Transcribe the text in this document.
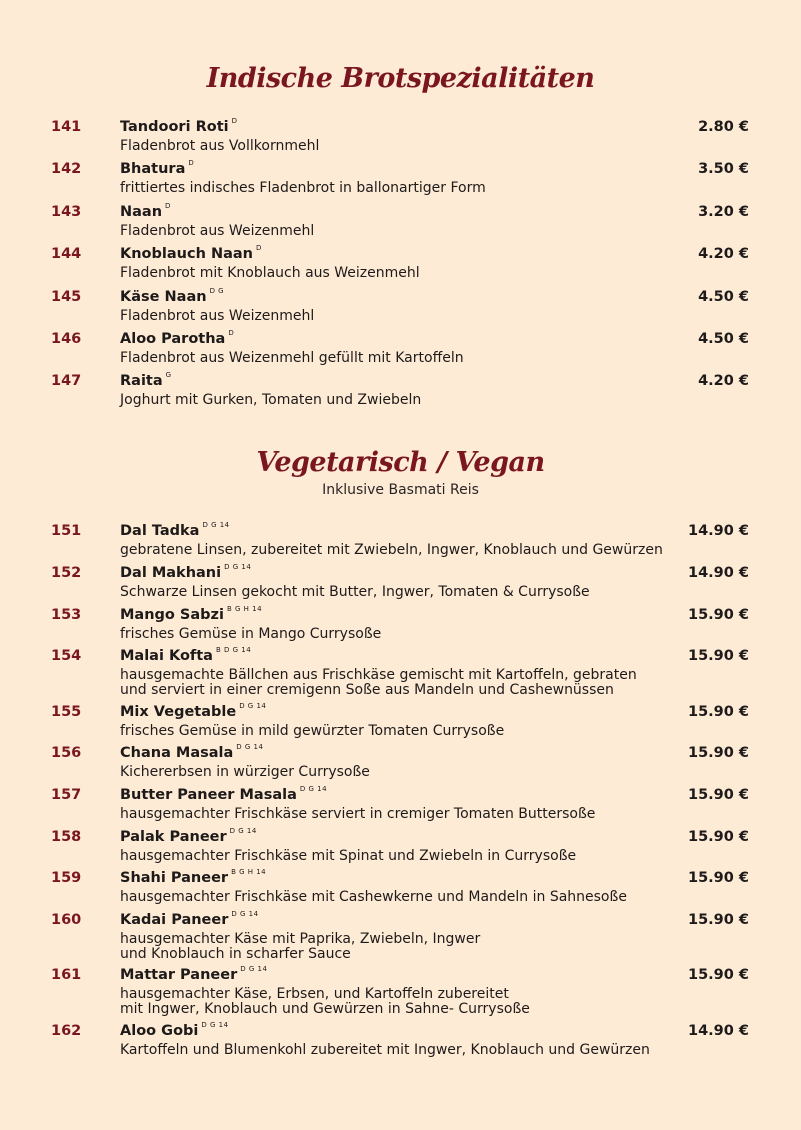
Indische Brotspezialitäten
141	Tandoori Roti $^D$	2.80 €
Fladenbrot aus Vollkornmehl
142	Bhatura $^D$	3.50 €
frittiertes indisches Fladenbrot in ballonartiger Form
143	Naan $^D$	3.20 €
Fladenbrot aus Weizenmehl
144	Knoblauch Naan $^D$	4.20 €
Fladenbrot mit Knoblauch aus Weizenmehl
145	Käse Naan $^{D G}$	4.50 €
Fladenbrot aus Weizenmehl
146	Aloo Parotha $^D$	4.50 €
Fladenbrot aus Weizenmehl gefüllt mit Kartoffeln
147	Raita $^G$	4.20 €
Joghurt mit Gurken, Tomaten und Zwiebeln
Vegetarisch / Vegan
Inklusive Basmati Reis
151	Dal Tadka $^{D G 14}$	14.90 €
gebratene Linsen, zubereitet mit Zwiebeln, Ingwer, Knoblauch und Gewürzen
152	Dal Makhani $^{D G 14}$	14.90 €
Schwarze Linsen gekocht mit Butter, Ingwer, Tomaten & Currysoße
153	Mango Sabzi $^{B G H 14}$	15.90 €
frisches Gemüse in Mango Currysoße
154	Malai Kofta $^{B D G 14}$	15.90 €
hausgemachte Bällchen aus Frischkäse gemischt mit Kartoffeln, gebraten
und serviert in einer cremigenn Soße aus Mandeln und Cashewnüssen
155	Mix Vegetable $^{D G 14}$	15.90 €
frisches Gemüse in mild gewürzter Tomaten Currysoße
156	Chana Masala $^{D G 14}$	15.90 €
Kichererbsen in würziger Currysoße
157	Butter Paneer Masala $^{D G 14}$	15.90 €
hausgemachter Frischkäse serviert in cremiger Tomaten Buttersoße
158	Palak Paneer $^{D G 14}$	15.90 €
hausgemachter Frischkäse mit Spinat und Zwiebeln in Currysoße
159	Shahi Paneer $^{B G H 14}$	15.90 €
hausgemachter Frischkäse mit Cashewkerne und Mandeln in Sahnesoße
160	Kadai Paneer $^{D G 14}$	15.90 €
hausgemachter Käse mit Paprika, Zwiebeln, Ingwer
und Knoblauch in scharfer Sauce
161	Mattar Paneer $^{D G 14}$	15.90 €
hausgemachter Käse, Erbsen, und Kartoffeln zubereitet
mit Ingwer, Knoblauch und Gewürzen in Sahne- Currysoße
162	Aloo Gobi $^{D G 14}$	14.90 €
Kartoffeln und Blumenkohl zubereitet mit Ingwer, Knoblauch und Gewürzen
